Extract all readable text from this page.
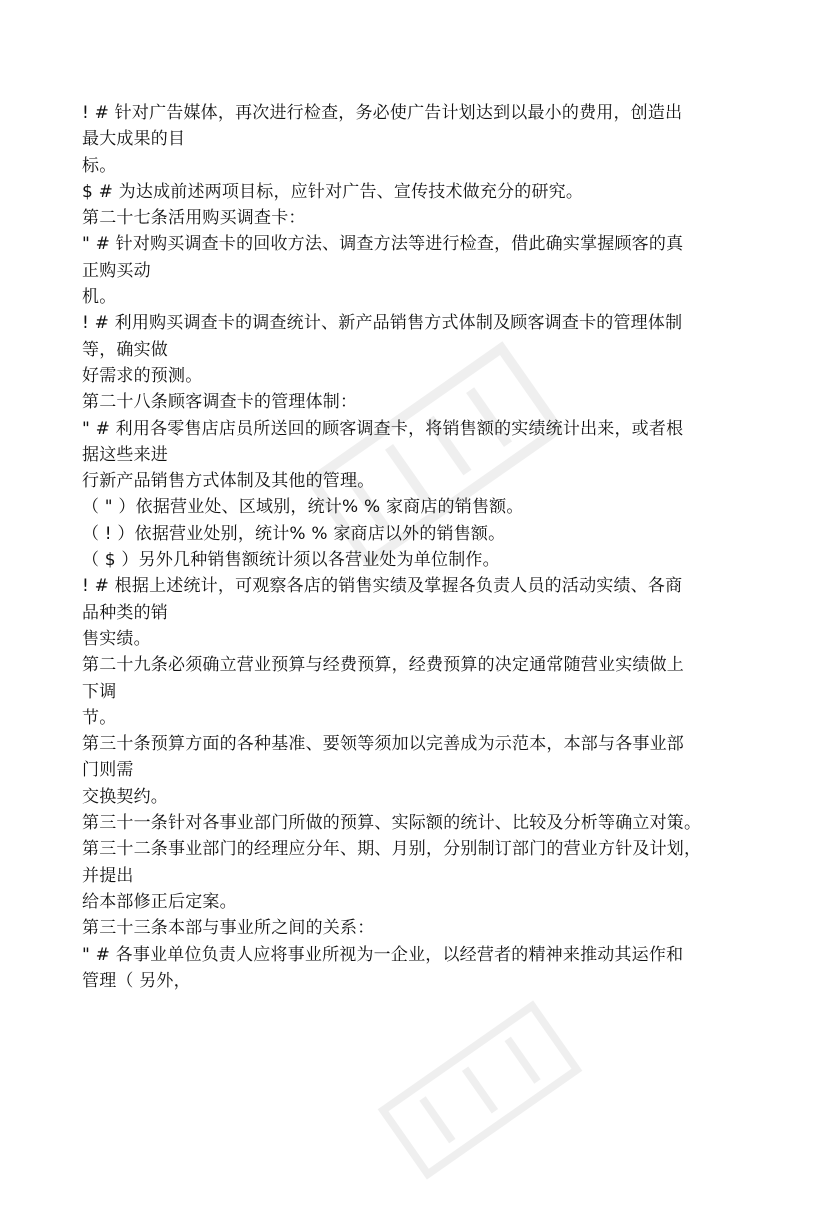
! # 针对广告媒体，再次进行检查，务必使广告计划达到以最小的费用，创造出
最大成果的目
标。
$ # 为达成前述两项目标，应针对广告、宣传技术做充分的研究。
第二十七条活用购买调查卡：
" # 针对购买调查卡的回收方法、调查方法等进行检查，借此确实掌握顾客的真
正购买动
机。
! # 利用购买调查卡的调查统计、新产品销售方式体制及顾客调查卡的管理体制
等，确实做
好需求的预测。
第二十八条顾客调查卡的管理体制：
" # 利用各零售店店员所送回的顾客调查卡，将销售额的实绩统计出来，或者根
据这些来进
行新产品销售方式体制及其他的管理。
（ " ）依据营业处、区域别，统计% % 家商店的销售额。
（ ! ）依据营业处别，统计% % 家商店以外的销售额。
（ $ ）另外几种销售额统计须以各营业处为单位制作。
! # 根据上述统计，可观察各店的销售实绩及掌握各负责人员的活动实绩、各商
品种类的销
售实绩。
第二十九条必须确立营业预算与经费预算，经费预算的决定通常随营业实绩做上
下调
节。
第三十条预算方面的各种基准、要领等须加以完善成为示范本，本部与各事业部
门则需
交换契约。
第三十一条针对各事业部门所做的预算、实际额的统计、比较及分析等确立对策。
第三十二条事业部门的经理应分年、期、月别，分别制订部门的营业方针及计划，
并提出
给本部修正后定案。
第三十三条本部与事业所之间的关系：
" # 各事业单位负责人应将事业所视为一企业，以经营者的精神来推动其运作和
管理（ 另外，
